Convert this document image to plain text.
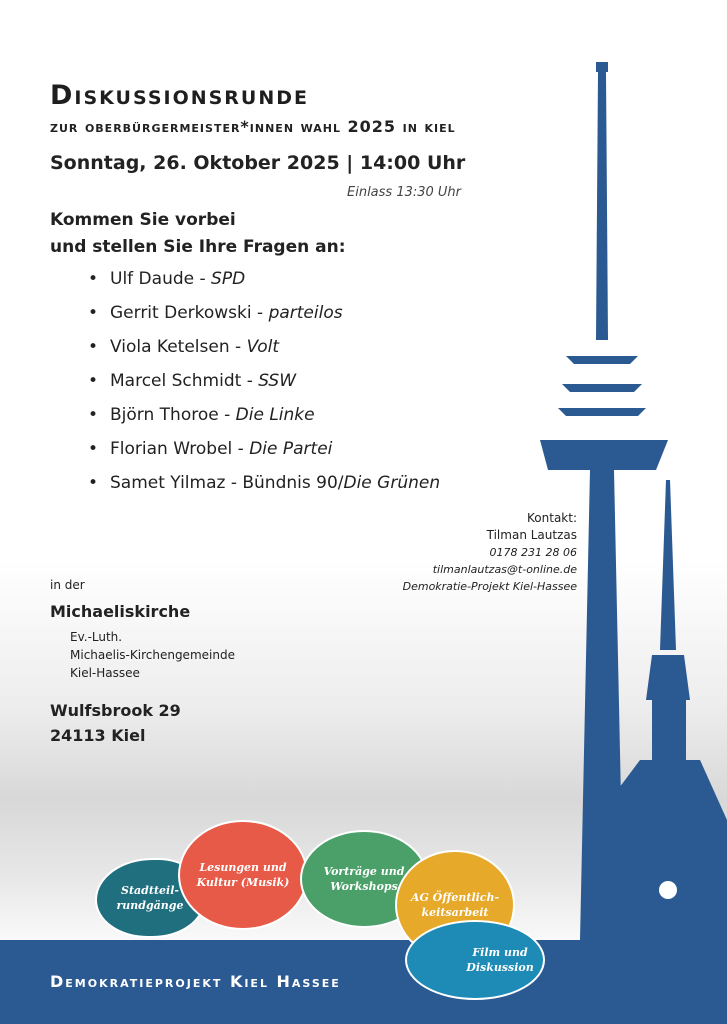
Diskussionsrunde
zur oberbürgermeister*innen wahl 2025 in kiel
Sonntag, 26. Oktober 2025 | 14:00 Uhr
Einlass 13:30 Uhr
Kommen Sie vorbei
und stellen Sie Ihre Fragen an:
• Ulf Daude - SPD
• Gerrit Derkowski - parteilos
• Viola Ketelsen - Volt
• Marcel Schmidt - SSW
• Björn Thoroe - Die Linke
• Florian Wrobel - Die Partei
• Samet Yilmaz - Bündnis 90/Die Grünen
Kontakt:
Tilman Lautzas
0178 231 28 06
tilmanlautzas@t-online.de
Demokratie-Projekt Kiel-Hassee
in der
Michaeliskirche
Ev.-Luth.
Michaelis-Kirchengemeinde
Kiel-Hassee
Wulfsbrook 29
24113 Kiel
Stadtteil- rundgänge
Lesungen und Kultur (Musik)
Vorträge und Workshops
AG Öffentlich- keitsarbeit
Film und Diskussion
Demokratieprojekt Kiel Hassee
